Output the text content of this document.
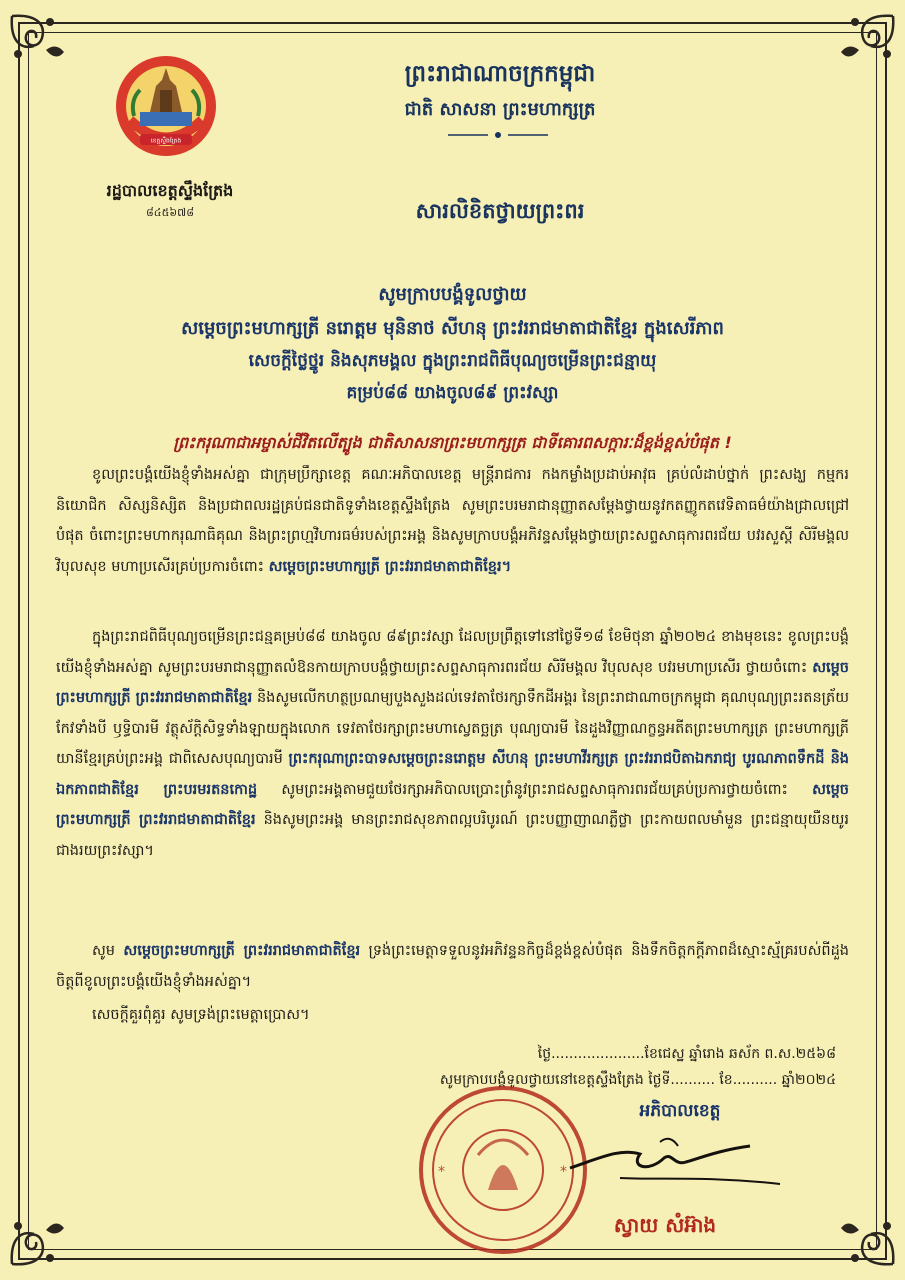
ខេត្តស្ទឹងត្រែង
រដ្ឋបាលខេត្តស្ទឹងត្រែង
៨៤៥៦៧៨
ព្រះរាជាណាចក្រកម្ពុជា
ជាតិ សាសនា ព្រះមហាក្សត្រ
សារលិខិតថ្វាយព្រះពរ
សូមក្រាបបង្គំទូលថ្វាយ
សម្តេចព្រះមហាក្សត្រី នរោត្តម មុនិនាថ សីហនុ ព្រះវររាជមាតាជាតិខ្មែរ ក្នុងសេរីភាព
សេចក្តីថ្លៃថ្នូរ និងសុភមង្គល ក្នុងព្រះរាជពិធីបុណ្យចម្រើនព្រះជន្មាយុ
គម្រប់៨៨ យាងចូល៨៩ ព្រះវស្សា
ព្រះករុណាជាអម្ចាស់ជីវិតលើត្បូង ជាតិសាសនាព្រះមហាក្សត្រ ជាទីគោរពសក្ការៈដ៏ខ្ពង់ខ្ពស់បំផុត !

ខូលព្រះបង្គំយើងខ្ញុំទាំងអស់គ្នា ជាក្រុមប្រឹក្សាខេត្ត គណៈអភិបាលខេត្ត មន្ត្រីរាជការ កងកម្លាំងប្រដាប់អាវុធ គ្រប់លំដាប់ថ្នាក់ ព្រះសង្ឃ កម្មករ និយោជិក សិស្សនិស្សិត និងប្រជាពលរដ្ឋគ្រប់ជនជាតិទូទាំងខេត្តស្ទឹងត្រែង សូមព្រះបរមរាជានុញ្ញាតសម្តែងថ្វាយនូវកតញ្ញូកតវេទិតាធម៌យ៉ាងជ្រាលជ្រៅបំផុត ចំពោះព្រះមហាករុណាធិគុណ និងព្រះព្រហ្មវិហារធម៌របស់ព្រះអង្គ និងសូមក្រាបបង្គំអភិវន្ទសម្តែងថ្វាយព្រះសព្ទសាធុការពរជ័យ បវរសួស្តី សិរីមង្គល វិបុលសុខ មហាប្រសើរគ្រប់ប្រការចំពោះ សម្តេចព្រះមហាក្សត្រី ព្រះវររាជមាតាជាតិខ្មែរ។

ក្នុងព្រះរាជពិធីបុណ្យចម្រើនព្រះជន្មគម្រប់៨៨ យាងចូល ៨៩ព្រះវស្សា ដែលប្រព្រឹត្តទៅនៅថ្ងៃទី១៨ ខែមិថុនា ឆ្នាំ២០២៤ ខាងមុខនេះ ខូលព្រះបង្គំយើងខ្ញុំទាំងអស់គ្នា សូមព្រះបរមរាជានុញ្ញាតលំឱនកាយក្រាបបង្គំថ្វាយព្រះសព្ទសាធុការពរជ័យ សិរីមង្គល វិបុលសុខ បវរមហាប្រសើរ ថ្វាយចំពោះ សម្តេចព្រះមហាក្សត្រី ព្រះវររាជមាតាជាតិខ្មែរ និងសូមលើកហត្ថប្រណម្យបួងសួងដល់ទេវតាថែរក្សាទឹកដីអង្គរ នៃព្រះរាជាណាចក្រកម្ពុជា គុណបុណ្យព្រះរតនត្រ័យ កែវទាំងបី ឫទ្ធិបារមី វត្ថុស័ក្តិសិទ្ធទាំងឡាយក្នុងលោក ទេវតាថែរក្សាព្រះមហាស្វេតច្ឆត្រ បុណ្យបារមី នៃដួងវិញ្ញាណក្ខន្ធអតីតព្រះមហាក្សត្រ ព្រះមហាក្សត្រីយានីខ្មែរគ្រប់ព្រះអង្គ ជាពិសេសបុណ្យបារមី ព្រះករុណាព្រះបាទសម្តេចព្រះនរោត្តម សីហនុ ព្រះមហាវីរក្សត្រ ព្រះវររាជបិតាឯករាជ្យ បូរណភាពទឹកដី និងឯកភាពជាតិខ្មែរ ព្រះបរមរតនកោដ្ឋ សូមព្រះអង្គតាមជួយថែរក្សាអភិបាលប្រោះព្រំនូវព្រះរាជសព្ទសាធុការពរជ័យគ្រប់ប្រការថ្វាយចំពោះ សម្តេចព្រះមហាក្សត្រី ព្រះវររាជមាតាជាតិខ្មែរ និងសូមព្រះអង្គ មានព្រះរាជសុខភាពល្អបរិបូរណ៍ ព្រះបញ្ញាញាណភ្លឺថ្លា ព្រះកាយពលមាំមួន ព្រះជន្មាយុយឺនយូរជាងរយព្រះវស្សា។

សូម សម្តេចព្រះមហាក្សត្រី ព្រះវររាជមាតាជាតិខ្មែរ ទ្រង់ព្រះមេត្តាទទួលនូវអភិវន្ទនកិច្ចដ៏ខ្ពង់ខ្ពស់បំផុត និងទឹកចិត្តកក្តីភាពដ៏ស្មោះស្ម័គ្ររបស់ពីដួងចិត្តពីខូលព្រះបង្គំយើងខ្ញុំទាំងអស់គ្នា។

សេចក្តីគួរពុំគួរ សូមទ្រង់ព្រះមេត្តាប្រោស។
ថ្ងៃ.....................ខែជេស្ឋ ឆ្នាំរោង ឆស័ក ព.ស.២៥៦៨
សូមក្រាបបង្គំទូលថ្វាយនៅខេត្តស្ទឹងត្រែង ថ្ងៃទី.......... ខែ.......... ឆ្នាំ២០២៤
*	*
អភិបាលខេត្ត
ស្វាយ សំអ៊ាង
